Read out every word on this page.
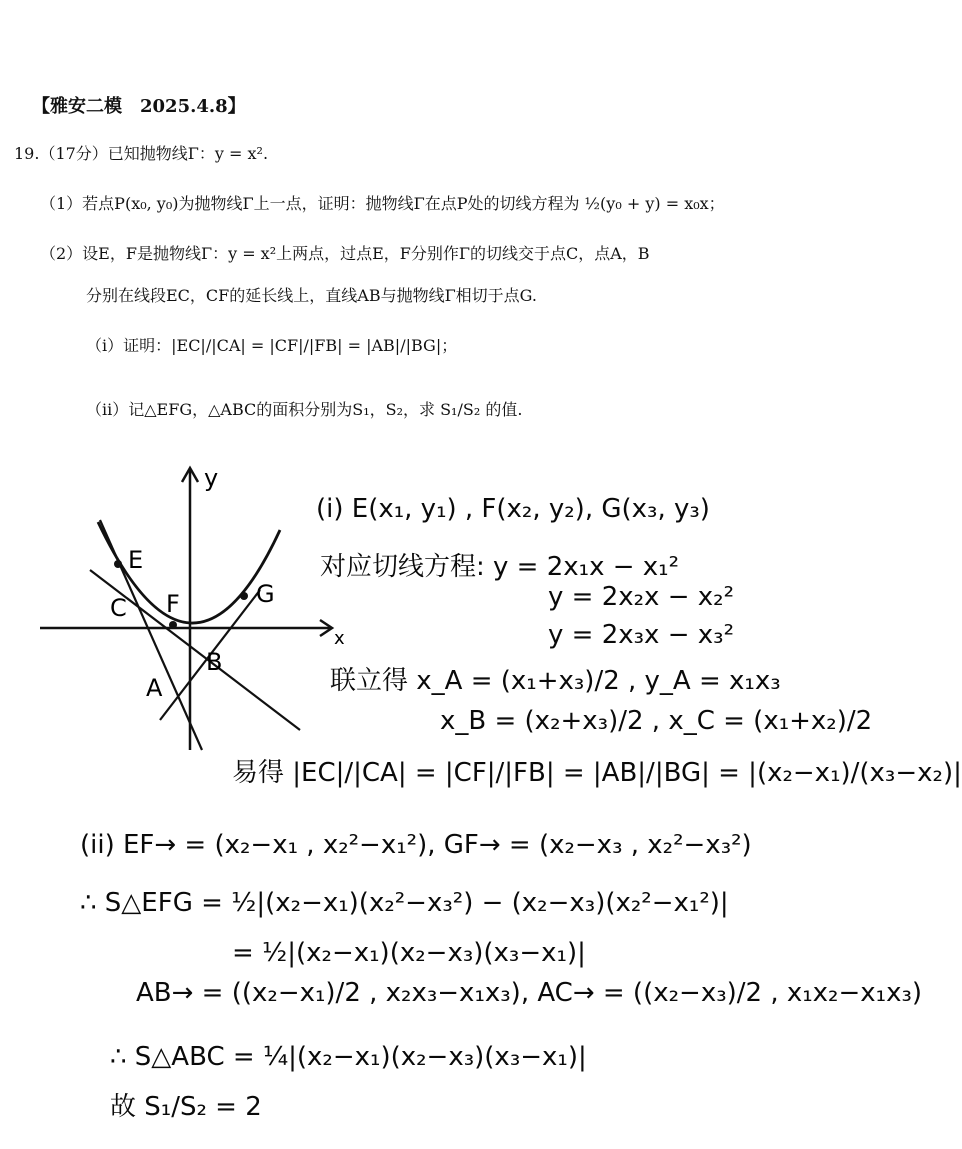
【雅安二模　2025.4.8】
19.（17分）已知抛物线Γ：y = x².
（1）若点P(x₀, y₀)为抛物线Γ上一点，证明：抛物线Γ在点P处的切线方程为 ½(y₀ + y) = x₀x；
（2）设E，F是抛物线Γ：y = x²上两点，过点E，F分别作Γ的切线交于点C，点A，B
分别在线段EC，CF的延长线上，直线AB与抛物线Γ相切于点G.
（i）证明：|EC|/|CA| = |CF|/|FB| = |AB|/|BG|；
（ii）记△EFG，△ABC的面积分别为S₁，S₂，求 S₁/S₂ 的值.
y
x
E
F	G
C
A
B
(i) E(x₁, y₁) , F(x₂, y₂), G(x₃, y₃)
对应切线方程: y = 2x₁x − x₁²
y = 2x₂x − x₂²
y = 2x₃x − x₃²
联立得 x_A = (x₁+x₃)/2 , y_A = x₁x₃
x_B = (x₂+x₃)/2 , x_C = (x₁+x₂)/2
易得 |EC|/|CA| = |CF|/|FB| = |AB|/|BG| = |(x₂−x₁)/(x₃−x₂)|
(ii) EF→ = (x₂−x₁ , x₂²−x₁²), GF→ = (x₂−x₃ , x₂²−x₃²)
∴ S△EFG = ½|(x₂−x₁)(x₂²−x₃²) − (x₂−x₃)(x₂²−x₁²)|
= ½|(x₂−x₁)(x₂−x₃)(x₃−x₁)|
AB→ = ((x₂−x₁)/2 , x₂x₃−x₁x₃), AC→ = ((x₂−x₃)/2 , x₁x₂−x₁x₃)
∴ S△ABC = ¼|(x₂−x₁)(x₂−x₃)(x₃−x₁)|
故 S₁/S₂ = 2
